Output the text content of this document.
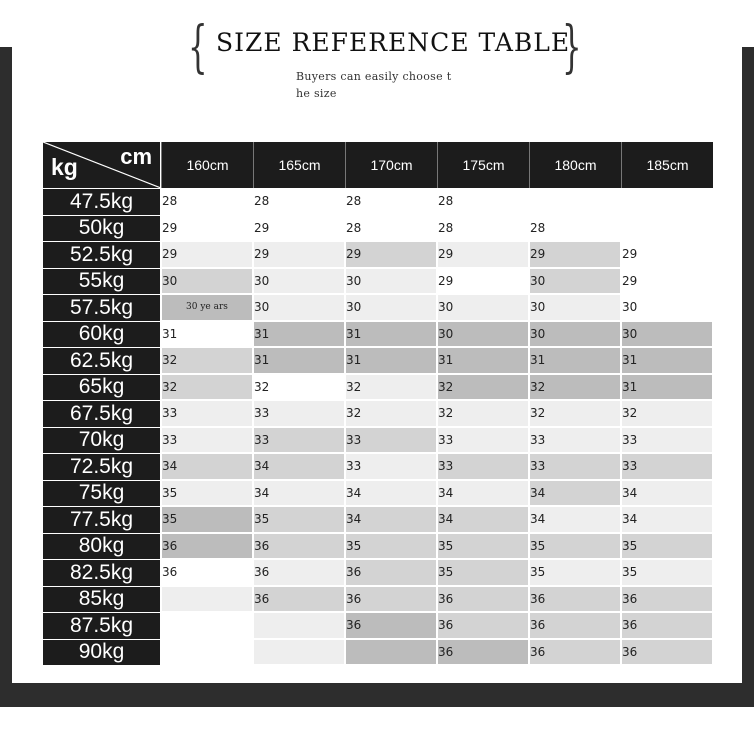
{ SIZE REFERENCE TABLE
Buyers can easily choose t he size
}
kg cm	160cm	165cm	170cm	175cm	180cm	185cm
47.5kg	28	28	28	28		
50kg	29	29	28	28	28	
52.5kg	29	29	29	29	29	29
55kg	30	30	30	29	30	29
57.5kg	30 ye ars	30	30	30	30	30
60kg	31	31	31	30	30	30
62.5kg	32	31	31	31	31	31
65kg	32	32	32	32	32	31
67.5kg	33	33	32	32	32	32
70kg	33	33	33	33	33	33
72.5kg	34	34	33	33	33	33
75kg	35	34	34	34	34	34
77.5kg	35	35	34	34	34	34
80kg	36	36	35	35	35	35
82.5kg	36	36	36	35	35	35
85kg		36	36	36	36	36
87.5kg			36	36	36	36
90kg				36	36	36
